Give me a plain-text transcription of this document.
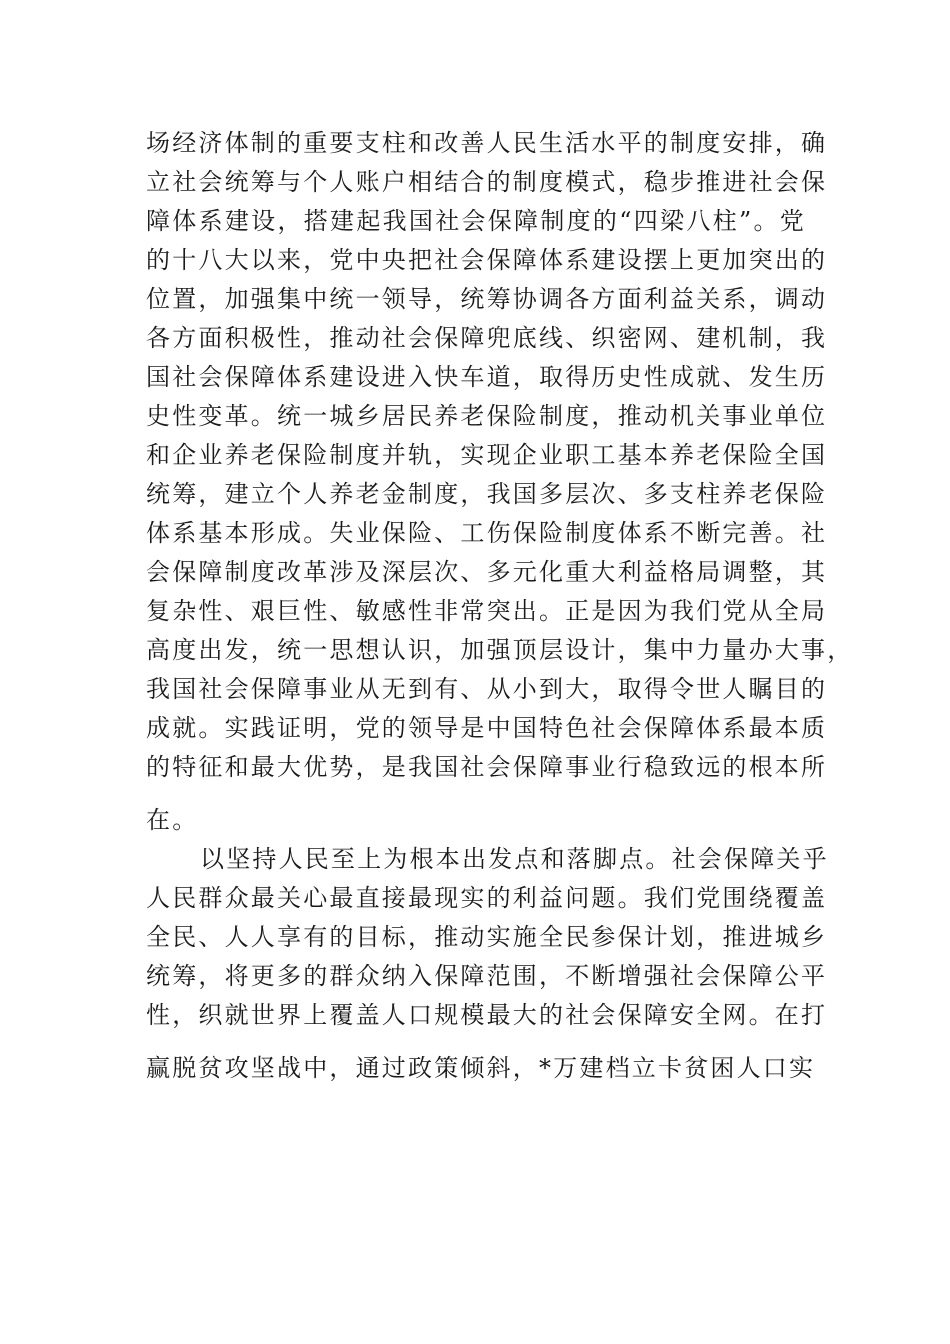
场经济体制的重要支柱和改善人民生活水平的制度安排，确
立社会统筹与个人账户相结合的制度模式，稳步推进社会保
障体系建设，搭建起我国社会保障制度的“四梁八柱”。党
的十八大以来，党中央把社会保障体系建设摆上更加突出的
位置，加强集中统一领导，统筹协调各方面利益关系，调动
各方面积极性，推动社会保障兜底线、织密网、建机制，我
国社会保障体系建设进入快车道，取得历史性成就、发生历
史性变革。统一城乡居民养老保险制度，推动机关事业单位
和企业养老保险制度并轨，实现企业职工基本养老保险全国
统筹，建立个人养老金制度，我国多层次、多支柱养老保险
体系基本形成。失业保险、工伤保险制度体系不断完善。社
会保障制度改革涉及深层次、多元化重大利益格局调整，其
复杂性、艰巨性、敏感性非常突出。正是因为我们党从全局
高度出发，统一思想认识，加强顶层设计，集中力量办大事，
我国社会保障事业从无到有、从小到大，取得令世人瞩目的
成就。实践证明，党的领导是中国特色社会保障体系最本质
的特征和最大优势，是我国社会保障事业行稳致远的根本所
在。
以坚持人民至上为根本出发点和落脚点。社会保障关乎
人民群众最关心最直接最现实的利益问题。我们党围绕覆盖
全民、人人享有的目标，推动实施全民参保计划，推进城乡
统筹，将更多的群众纳入保障范围，不断增强社会保障公平
性，织就世界上覆盖人口规模最大的社会保障安全网。在打
赢脱贫攻坚战中，通过政策倾斜，*万建档立卡贫困人口实
